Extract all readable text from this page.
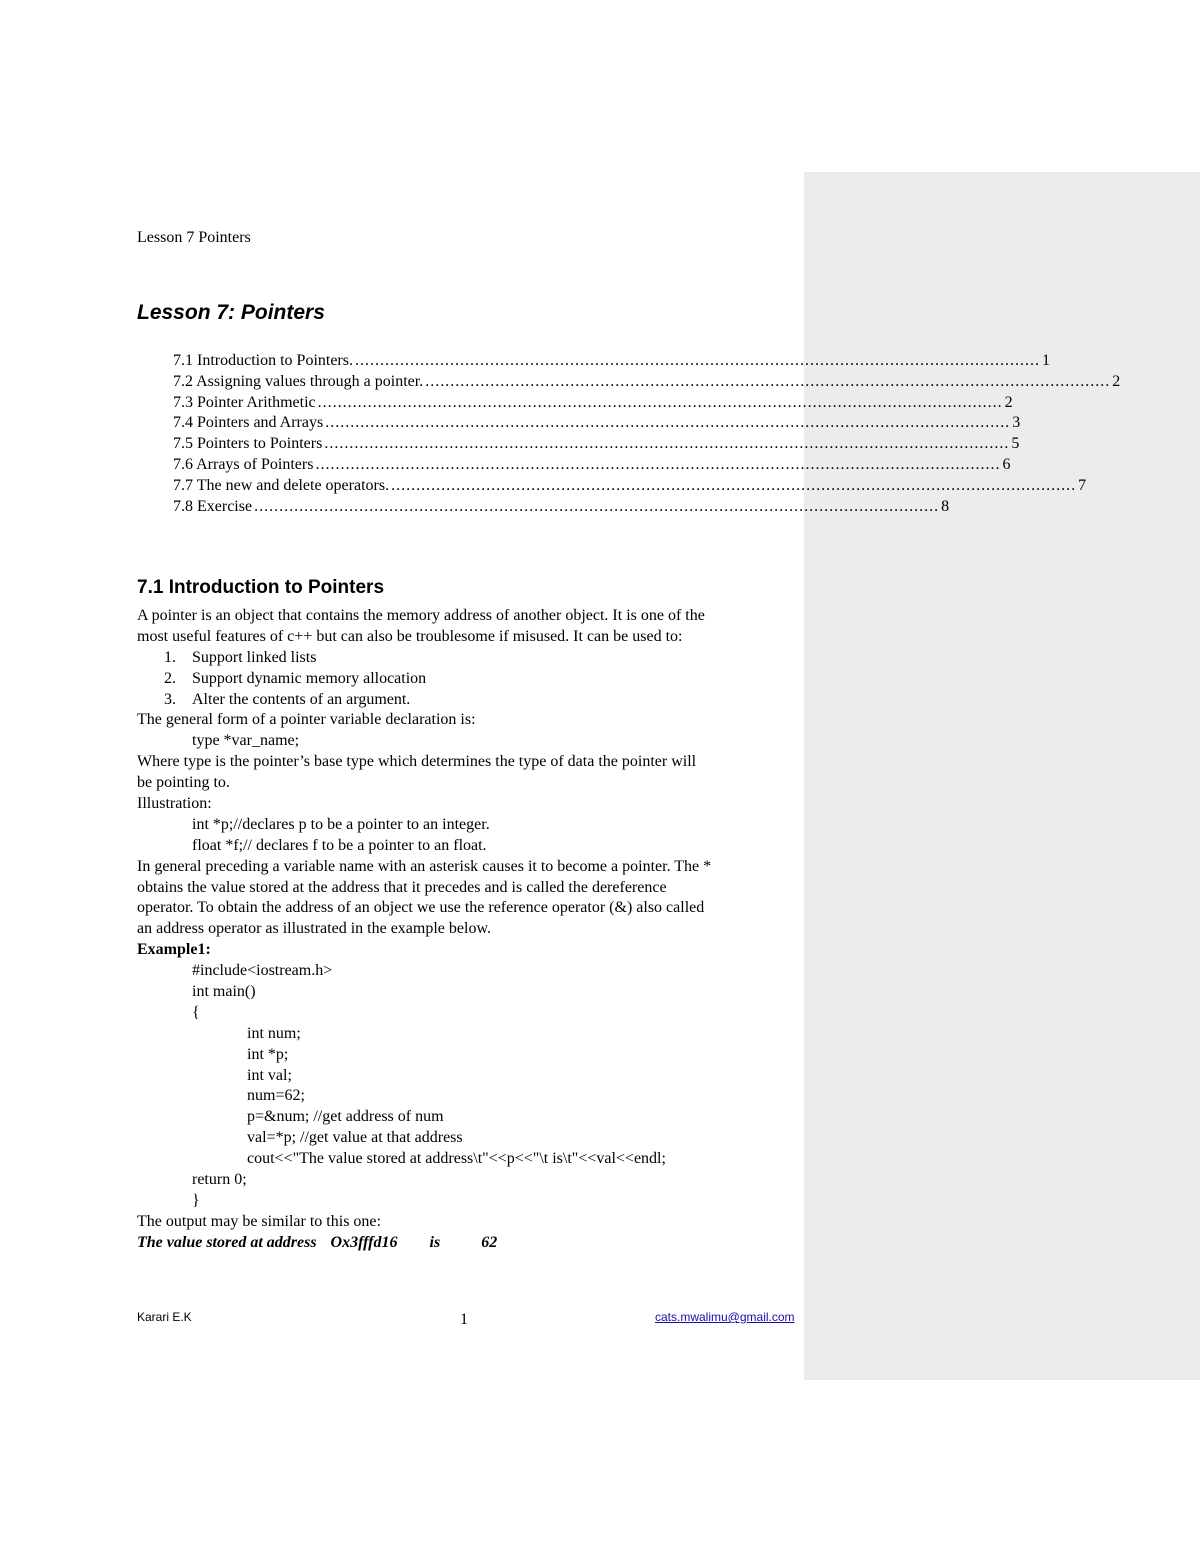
Lesson 7 Pointers
Lesson 7: Pointers
7.1 Introduction to Pointers. ......................................................................................................................................... 1
7.2 Assigning values through a pointer. ......................................................................................................................................... 2
7.3 Pointer Arithmetic ......................................................................................................................................... 2
7.4 Pointers and Arrays ......................................................................................................................................... 3
7.5 Pointers to Pointers ......................................................................................................................................... 5
7.6 Arrays of Pointers ......................................................................................................................................... 6
7.7 The new and delete operators. ......................................................................................................................................... 7
7.8 Exercise ......................................................................................................................................... 8
7.1 Introduction to Pointers
A pointer is an object that contains the memory address of another object. It is one of the
most useful features of c++ but can also be troublesome if misused. It can be used to:
1. Support linked lists
2. Support dynamic memory allocation
3. Alter the contents of an argument.
The general form of a pointer variable declaration is:
type *var_name;
Where type is the pointer’s base type which determines the type of data the pointer will
be pointing to.
Illustration:
int *p;//declares p to be a pointer to an integer.
float *f;// declares f to be a pointer to an float.
In general preceding a variable name with an asterisk causes it to become a pointer. The *
obtains the value stored at the address that it precedes and is called the dereference
operator. To obtain the address of an object we use the reference operator (&) also called
an address operator as illustrated in the example below.
Example1:
#include<iostream.h>
int main()
{
int num;
int *p;
int val;
num=62;
p=&num; //get address of num
val=*p; //get value at that address
cout<<"The value stored at address\t"<<p<<"\t is\t"<<val<<endl;
return 0;
}
The output may be similar to this one:
The value stored at address Ox3fffd16 is	62
Karari E.K	1	cats.mwalimu@gmail.com
